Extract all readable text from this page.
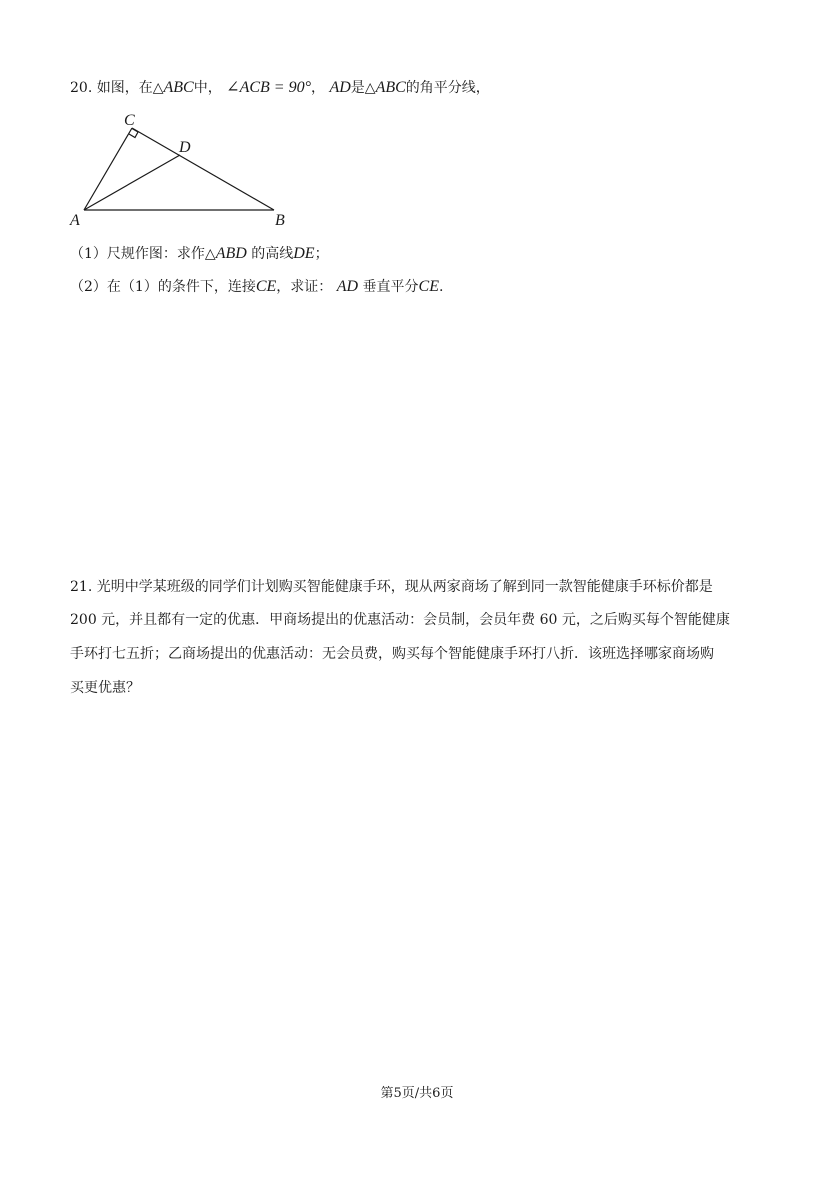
20. 如图，在△ABC中， ∠ACB = 90°， AD是△ABC的角平分线，
C
D
A	B
（1）尺规作图：求作△ABD 的高线DE；
（2）在（1）的条件下，连接CE，求证： AD 垂直平分CE.
21. 光明中学某班级的同学们计划购买智能健康手环，现从两家商场了解到同一款智能健康手环标价都是
200 元，并且都有一定的优惠．甲商场提出的优惠活动：会员制，会员年费 60 元，之后购买每个智能健康
手环打七五折；乙商场提出的优惠活动：无会员费，购买每个智能健康手环打八折．该班选择哪家商场购
买更优惠？
第5页/共6页
